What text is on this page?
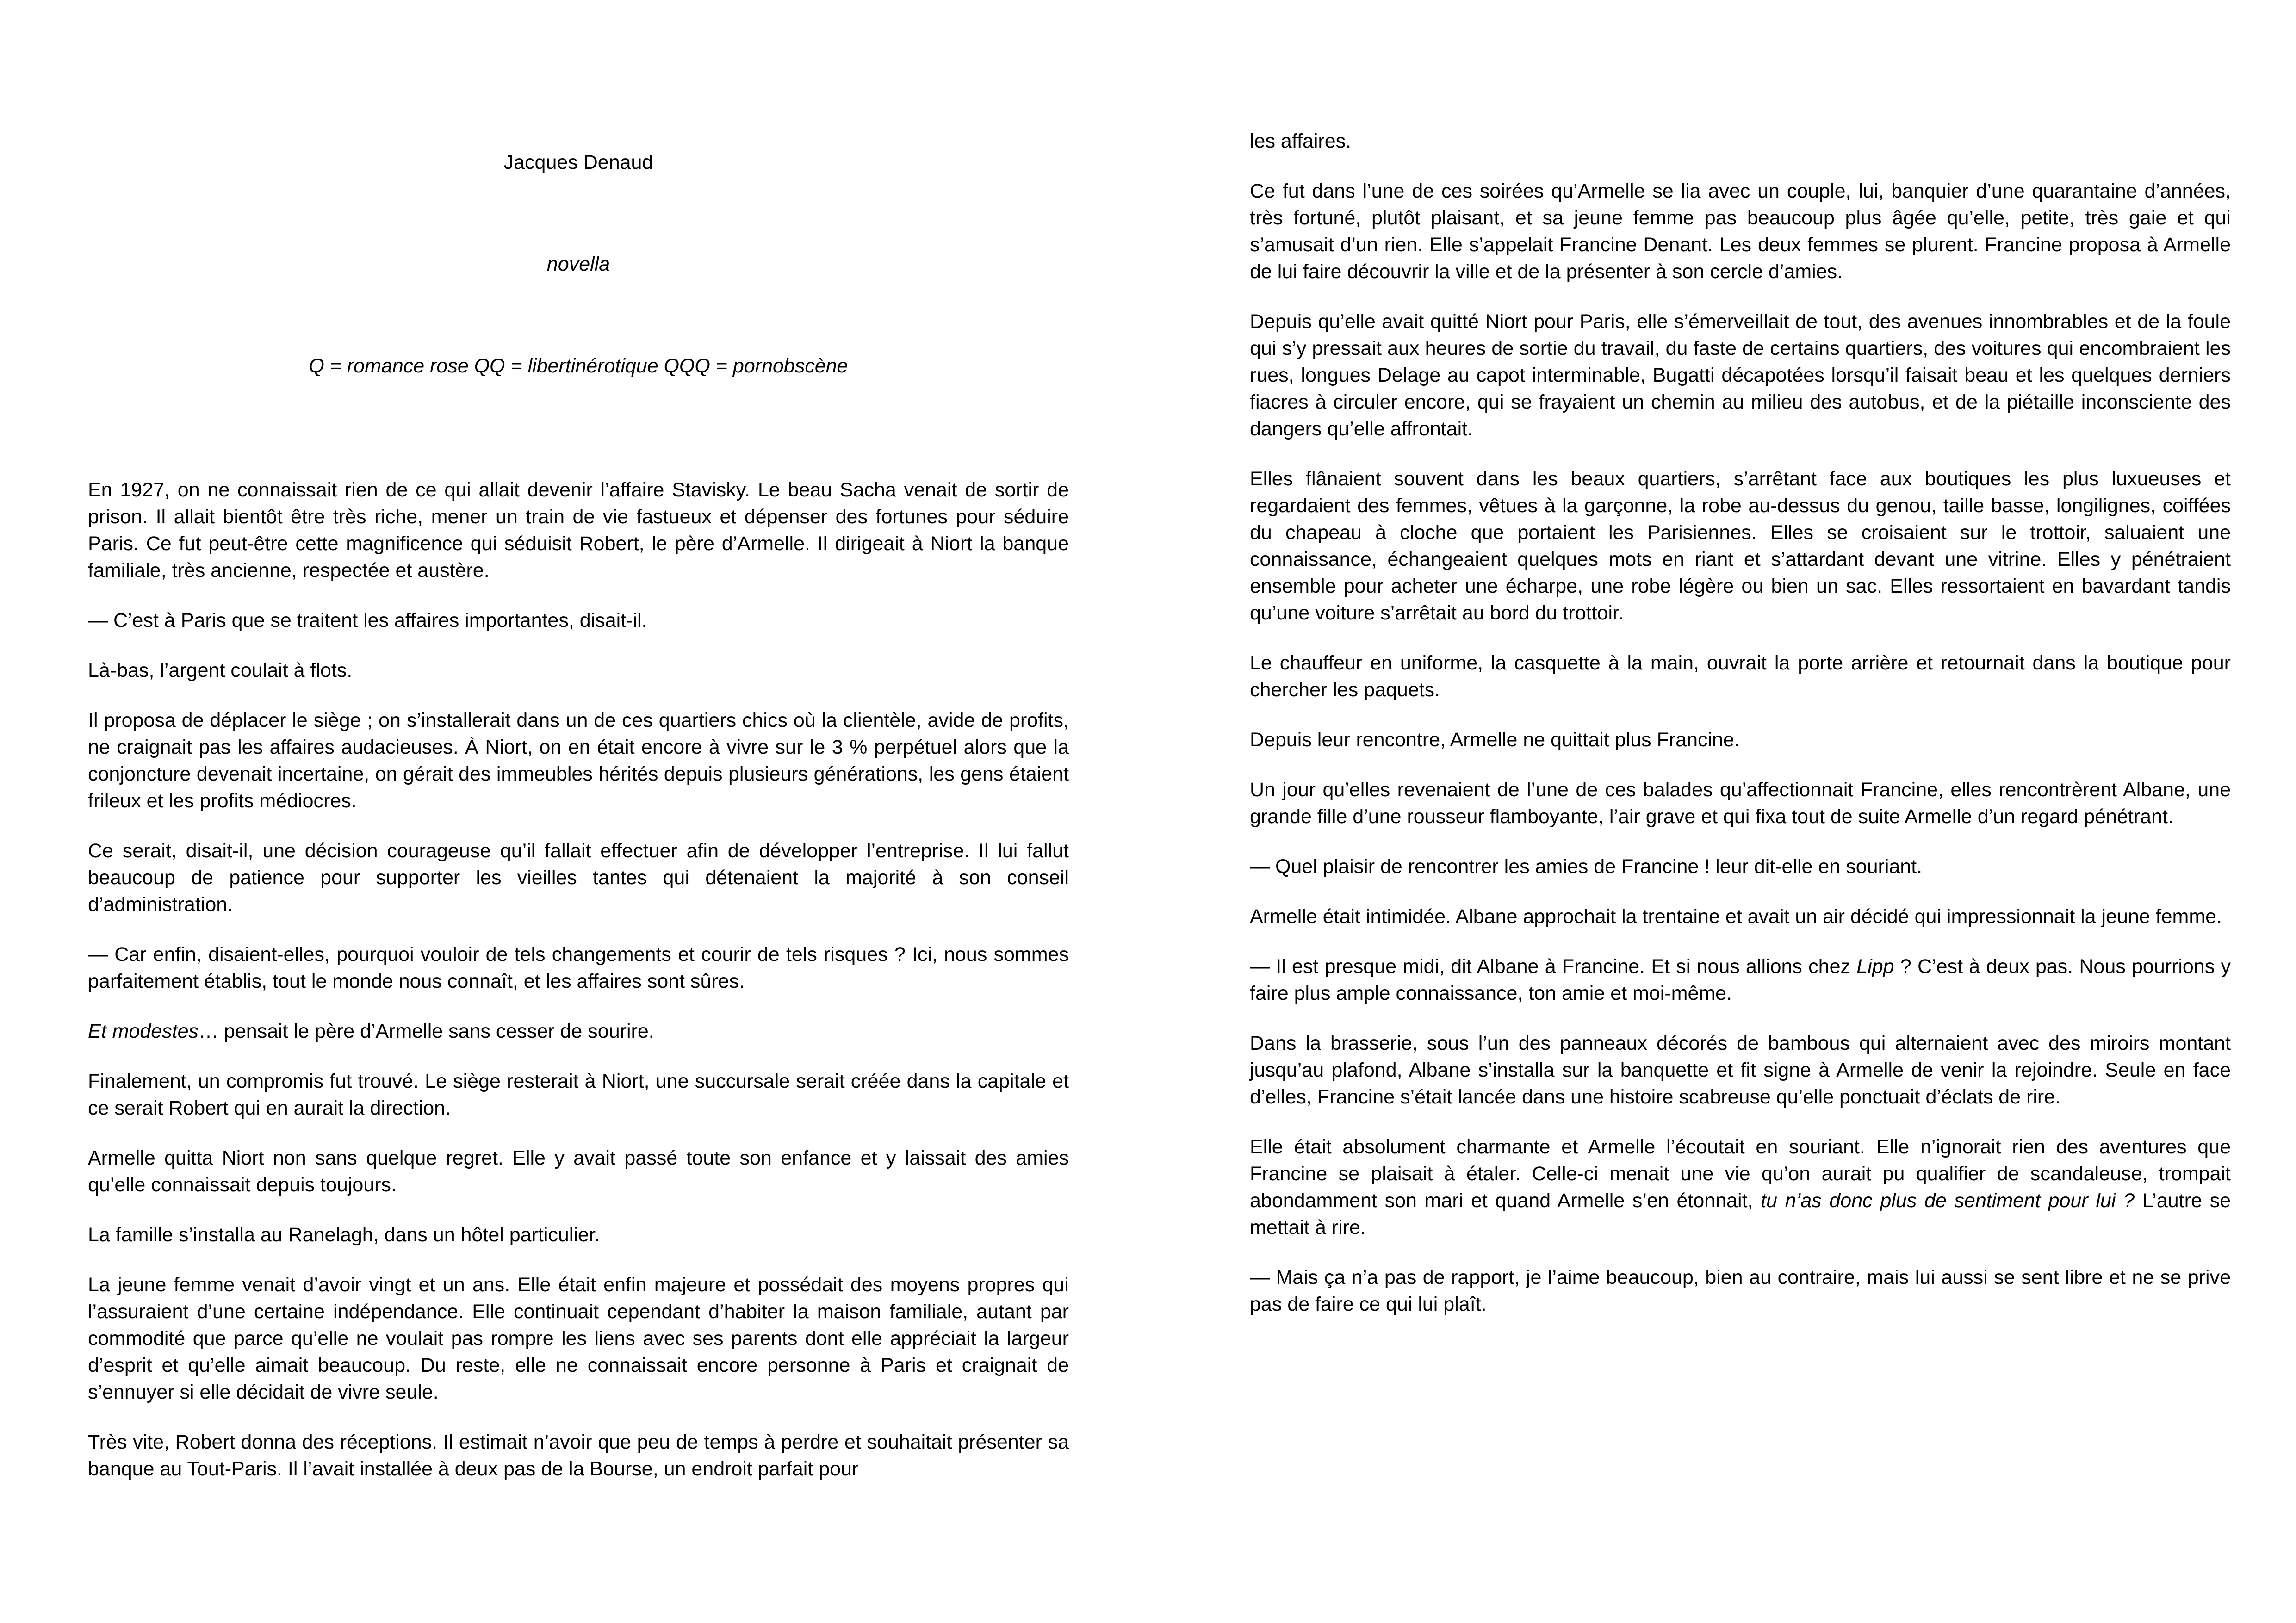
Jacques Denaud

novella

Q = romance rose QQ = libertinérotique QQQ = pornobscène

En 1927, on ne connaissait rien de ce qui allait devenir l’affaire Stavisky. Le beau Sacha venait de sortir de prison. Il allait bientôt être très riche, mener un train de vie fastueux et dépenser des fortunes pour séduire Paris. Ce fut peut-être cette magnificence qui séduisit Robert, le père d’Armelle. Il dirigeait à Niort la banque familiale, très ancienne, respectée et austère.

— C’est à Paris que se traitent les affaires importantes, disait-il.

Là-bas, l’argent coulait à flots.

Il proposa de déplacer le siège ; on s’installerait dans un de ces quartiers chics où la clientèle, avide de profits, ne craignait pas les affaires audacieuses. À Niort, on en était encore à vivre sur le 3 % perpétuel alors que la conjoncture devenait incertaine, on gérait des immeubles hérités depuis plusieurs générations, les gens étaient frileux et les profits médiocres.

Ce serait, disait-il, une décision courageuse qu’il fallait effectuer afin de développer l’entreprise. Il lui fallut beaucoup de patience pour supporter les vieilles tantes qui détenaient la majorité à son conseil d’administration.

— Car enfin, disaient-elles, pourquoi vouloir de tels changements et courir de tels risques ? Ici, nous sommes parfaitement établis, tout le monde nous connaît, et les affaires sont sûres.

Et modestes… pensait le père d’Armelle sans cesser de sourire.

Finalement, un compromis fut trouvé. Le siège resterait à Niort, une succursale serait créée dans la capitale et ce serait Robert qui en aurait la direction.

Armelle quitta Niort non sans quelque regret. Elle y avait passé toute son enfance et y laissait des amies qu’elle connaissait depuis toujours.

La famille s’installa au Ranelagh, dans un hôtel particulier.

La jeune femme venait d’avoir vingt et un ans. Elle était enfin majeure et possédait des moyens propres qui l’assuraient d’une certaine indépendance. Elle continuait cependant d’habiter la maison familiale, autant par commodité que parce qu’elle ne voulait pas rompre les liens avec ses parents dont elle appréciait la largeur d’esprit et qu’elle aimait beaucoup. Du reste, elle ne connaissait encore personne à Paris et craignait de s’ennuyer si elle décidait de vivre seule.

Très vite, Robert donna des réceptions. Il estimait n’avoir que peu de temps à perdre et souhaitait présenter sa banque au Tout-Paris. Il l’avait installée à deux pas de la Bourse, un endroit parfait pour

les affaires.

Ce fut dans l’une de ces soirées qu’Armelle se lia avec un couple, lui, banquier d’une quarantaine d’années, très fortuné, plutôt plaisant, et sa jeune femme pas beaucoup plus âgée qu’elle, petite, très gaie et qui s’amusait d’un rien. Elle s’appelait Francine Denant. Les deux femmes se plurent. Francine proposa à Armelle de lui faire découvrir la ville et de la présenter à son cercle d’amies.

Depuis qu’elle avait quitté Niort pour Paris, elle s’émerveillait de tout, des avenues innombrables et de la foule qui s’y pressait aux heures de sortie du travail, du faste de certains quartiers, des voitures qui encombraient les rues, longues Delage au capot interminable, Bugatti décapotées lorsqu’il faisait beau et les quelques derniers fiacres à circuler encore, qui se frayaient un chemin au milieu des autobus, et de la piétaille inconsciente des dangers qu’elle affrontait.

Elles flânaient souvent dans les beaux quartiers, s’arrêtant face aux boutiques les plus luxueuses et regardaient des femmes, vêtues à la garçonne, la robe au-dessus du genou, taille basse, longilignes, coiffées du chapeau à cloche que portaient les Parisiennes. Elles se croisaient sur le trottoir, saluaient une connaissance, échangeaient quelques mots en riant et s’attardant devant une vitrine. Elles y pénétraient ensemble pour acheter une écharpe, une robe légère ou bien un sac. Elles ressortaient en bavardant tandis qu’une voiture s’arrêtait au bord du trottoir.

Le chauffeur en uniforme, la casquette à la main, ouvrait la porte arrière et retournait dans la boutique pour chercher les paquets.

Depuis leur rencontre, Armelle ne quittait plus Francine.

Un jour qu’elles revenaient de l’une de ces balades qu’affectionnait Francine, elles rencontrèrent Albane, une grande fille d’une rousseur flamboyante, l’air grave et qui fixa tout de suite Armelle d’un regard pénétrant.

— Quel plaisir de rencontrer les amies de Francine ! leur dit-elle en souriant.

Armelle était intimidée. Albane approchait la trentaine et avait un air décidé qui impressionnait la jeune femme.

— Il est presque midi, dit Albane à Francine. Et si nous allions chez Lipp ? C’est à deux pas. Nous pourrions y faire plus ample connaissance, ton amie et moi-même.

Dans la brasserie, sous l’un des panneaux décorés de bambous qui alternaient avec des miroirs montant jusqu’au plafond, Albane s’installa sur la banquette et fit signe à Armelle de venir la rejoindre. Seule en face d’elles, Francine s’était lancée dans une histoire scabreuse qu’elle ponctuait d’éclats de rire.

Elle était absolument charmante et Armelle l’écoutait en souriant. Elle n’ignorait rien des aventures que Francine se plaisait à étaler. Celle-ci menait une vie qu’on aurait pu qualifier de scandaleuse, trompait abondamment son mari et quand Armelle s’en étonnait, tu n’as donc plus de sentiment pour lui ? L’autre se mettait à rire.

— Mais ça n’a pas de rapport, je l’aime beaucoup, bien au contraire, mais lui aussi se sent libre et ne se prive pas de faire ce qui lui plaît.
